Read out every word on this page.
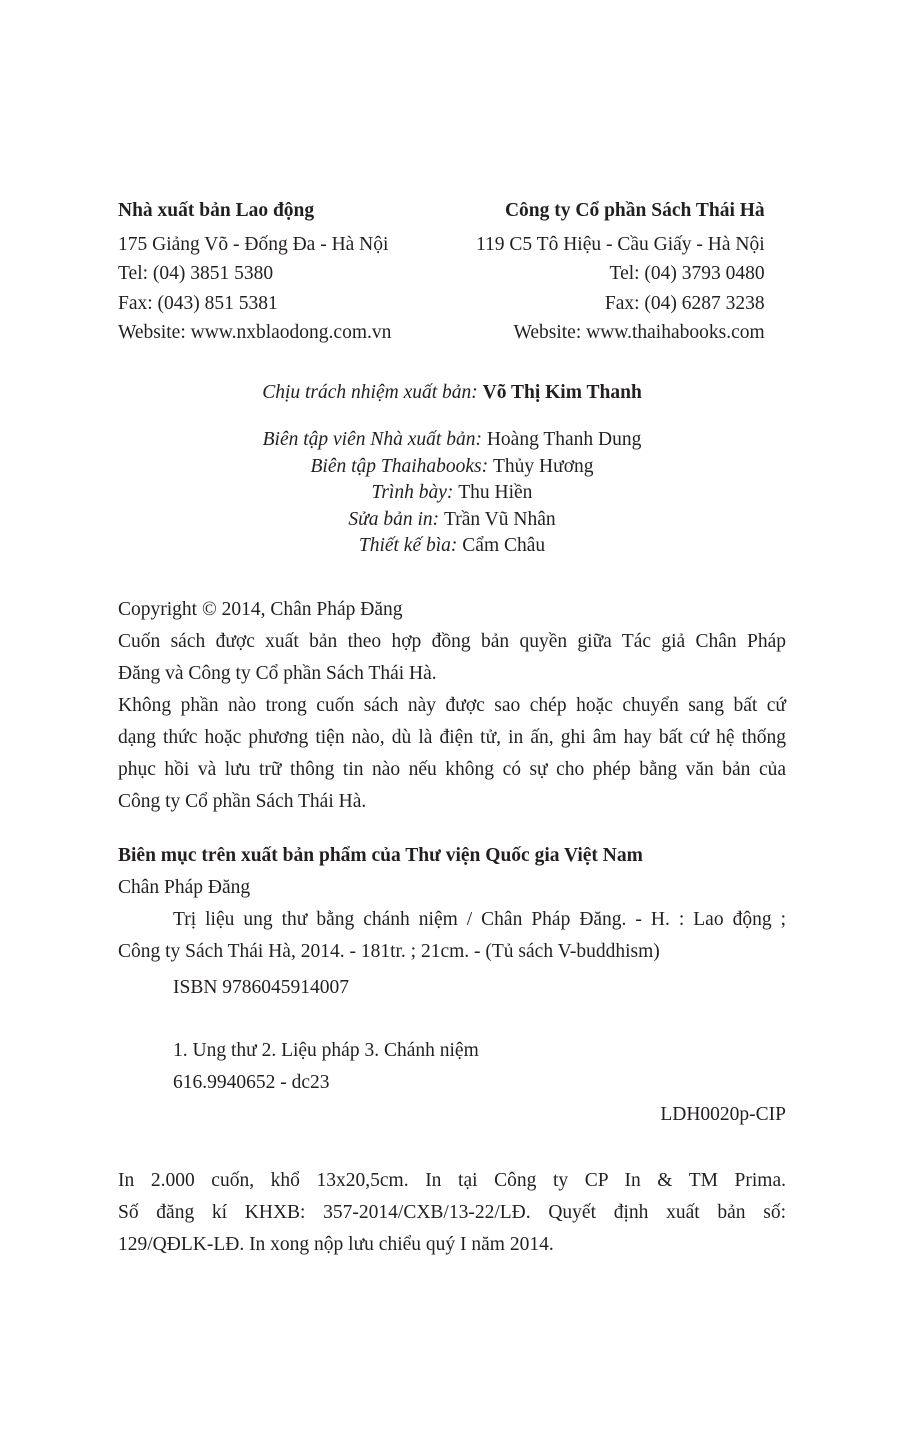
Nhà xuất bản Lao động
175 Giảng Võ - Đống Đa - Hà Nội
Tel: (04) 3851 5380
Fax: (043) 851 5381
Website: www.nxblaodong.com.vn
Công ty Cổ phần Sách Thái Hà
119 C5 Tô Hiệu - Cầu Giấy - Hà Nội
Tel: (04) 3793 0480
Fax: (04) 6287 3238
Website: www.thaihabooks.com
Chịu trách nhiệm xuất bản: Võ Thị Kim Thanh
Biên tập viên Nhà xuất bản: Hoàng Thanh Dung
Biên tập Thaihabooks: Thủy Hương
Trình bày: Thu Hiền
Sửa bản in: Trần Vũ Nhân
Thiết kế bìa: Cẩm Châu
Copyright © 2014, Chân Pháp Đăng
Cuốn sách được xuất bản theo hợp đồng bản quyền giữa Tác giả Chân Pháp
Đăng và Công ty Cổ phần Sách Thái Hà.
Không phần nào trong cuốn sách này được sao chép hoặc chuyển sang bất cứ
dạng thức hoặc phương tiện nào, dù là điện tử, in ấn, ghi âm hay bất cứ hệ thống
phục hồi và lưu trữ thông tin nào nếu không có sự cho phép bằng văn bản của
Công ty Cổ phần Sách Thái Hà.
Biên mục trên xuất bản phẩm của Thư viện Quốc gia Việt Nam
Chân Pháp Đăng
Trị liệu ung thư bằng chánh niệm / Chân Pháp Đăng. - H. : Lao động ;
Công ty Sách Thái Hà, 2014. - 181tr. ; 21cm. - (Tủ sách V-buddhism)
ISBN 9786045914007
1. Ung thư 2. Liệu pháp 3. Chánh niệm
616.9940652 - dc23
LDH0020p-CIP
In 2.000 cuốn, khổ 13x20,5cm. In tại Công ty CP In & TM Prima.
Số đăng kí KHXB: 357-2014/CXB/13-22/LĐ. Quyết định xuất bản số:
129/QĐLK-LĐ. In xong nộp lưu chiểu quý I năm 2014.
